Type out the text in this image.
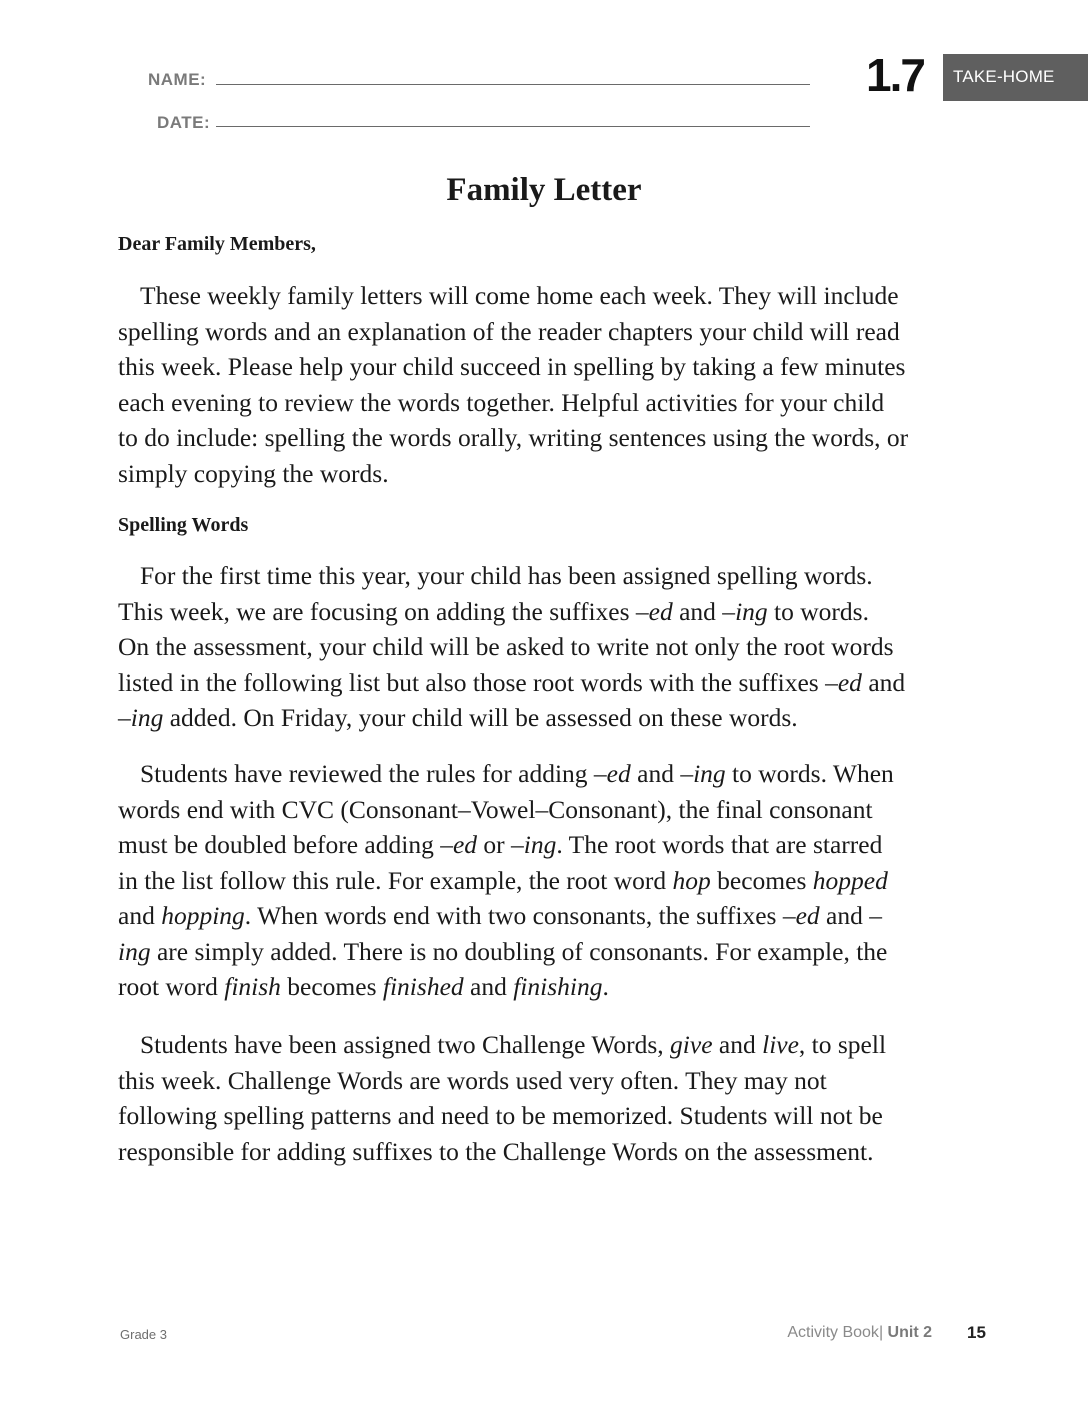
NAME:
DATE:
1.7 TAKE-HOME
Family Letter

Dear Family Members,

These weekly family letters will come home each week. They will include
spelling words and an explanation of the reader chapters your child will read
this week. Please help your child succeed in spelling by taking a few minutes
each evening to review the words together. Helpful activities for your child
to do include: spelling the words orally, writing sentences using the words, or
simply copying the words.

Spelling Words

For the first time this year, your child has been assigned spelling words.
This week, we are focusing on adding the suffixes –ed and –ing to words.
On the assessment, your child will be asked to write not only the root words
listed in the following list but also those root words with the suffixes –ed and
–ing added. On Friday, your child will be assessed on these words.

Students have reviewed the rules for adding –ed and –ing to words. When
words end with CVC (Consonant–Vowel–Consonant), the final consonant
must be doubled before adding –ed or –ing. The root words that are starred
in the list follow this rule. For example, the root word hop becomes hopped
and hopping. When words end with two consonants, the suffixes –ed and –
ing are simply added. There is no doubling of consonants. For example, the
root word finish becomes finished and finishing.

Students have been assigned two Challenge Words, give and live, to spell
this week. Challenge Words are words used very often. They may not
following spelling patterns and need to be memorized. Students will not be
responsible for adding suffixes to the Challenge Words on the assessment.

Grade 3	Activity Book| Unit 2 15
